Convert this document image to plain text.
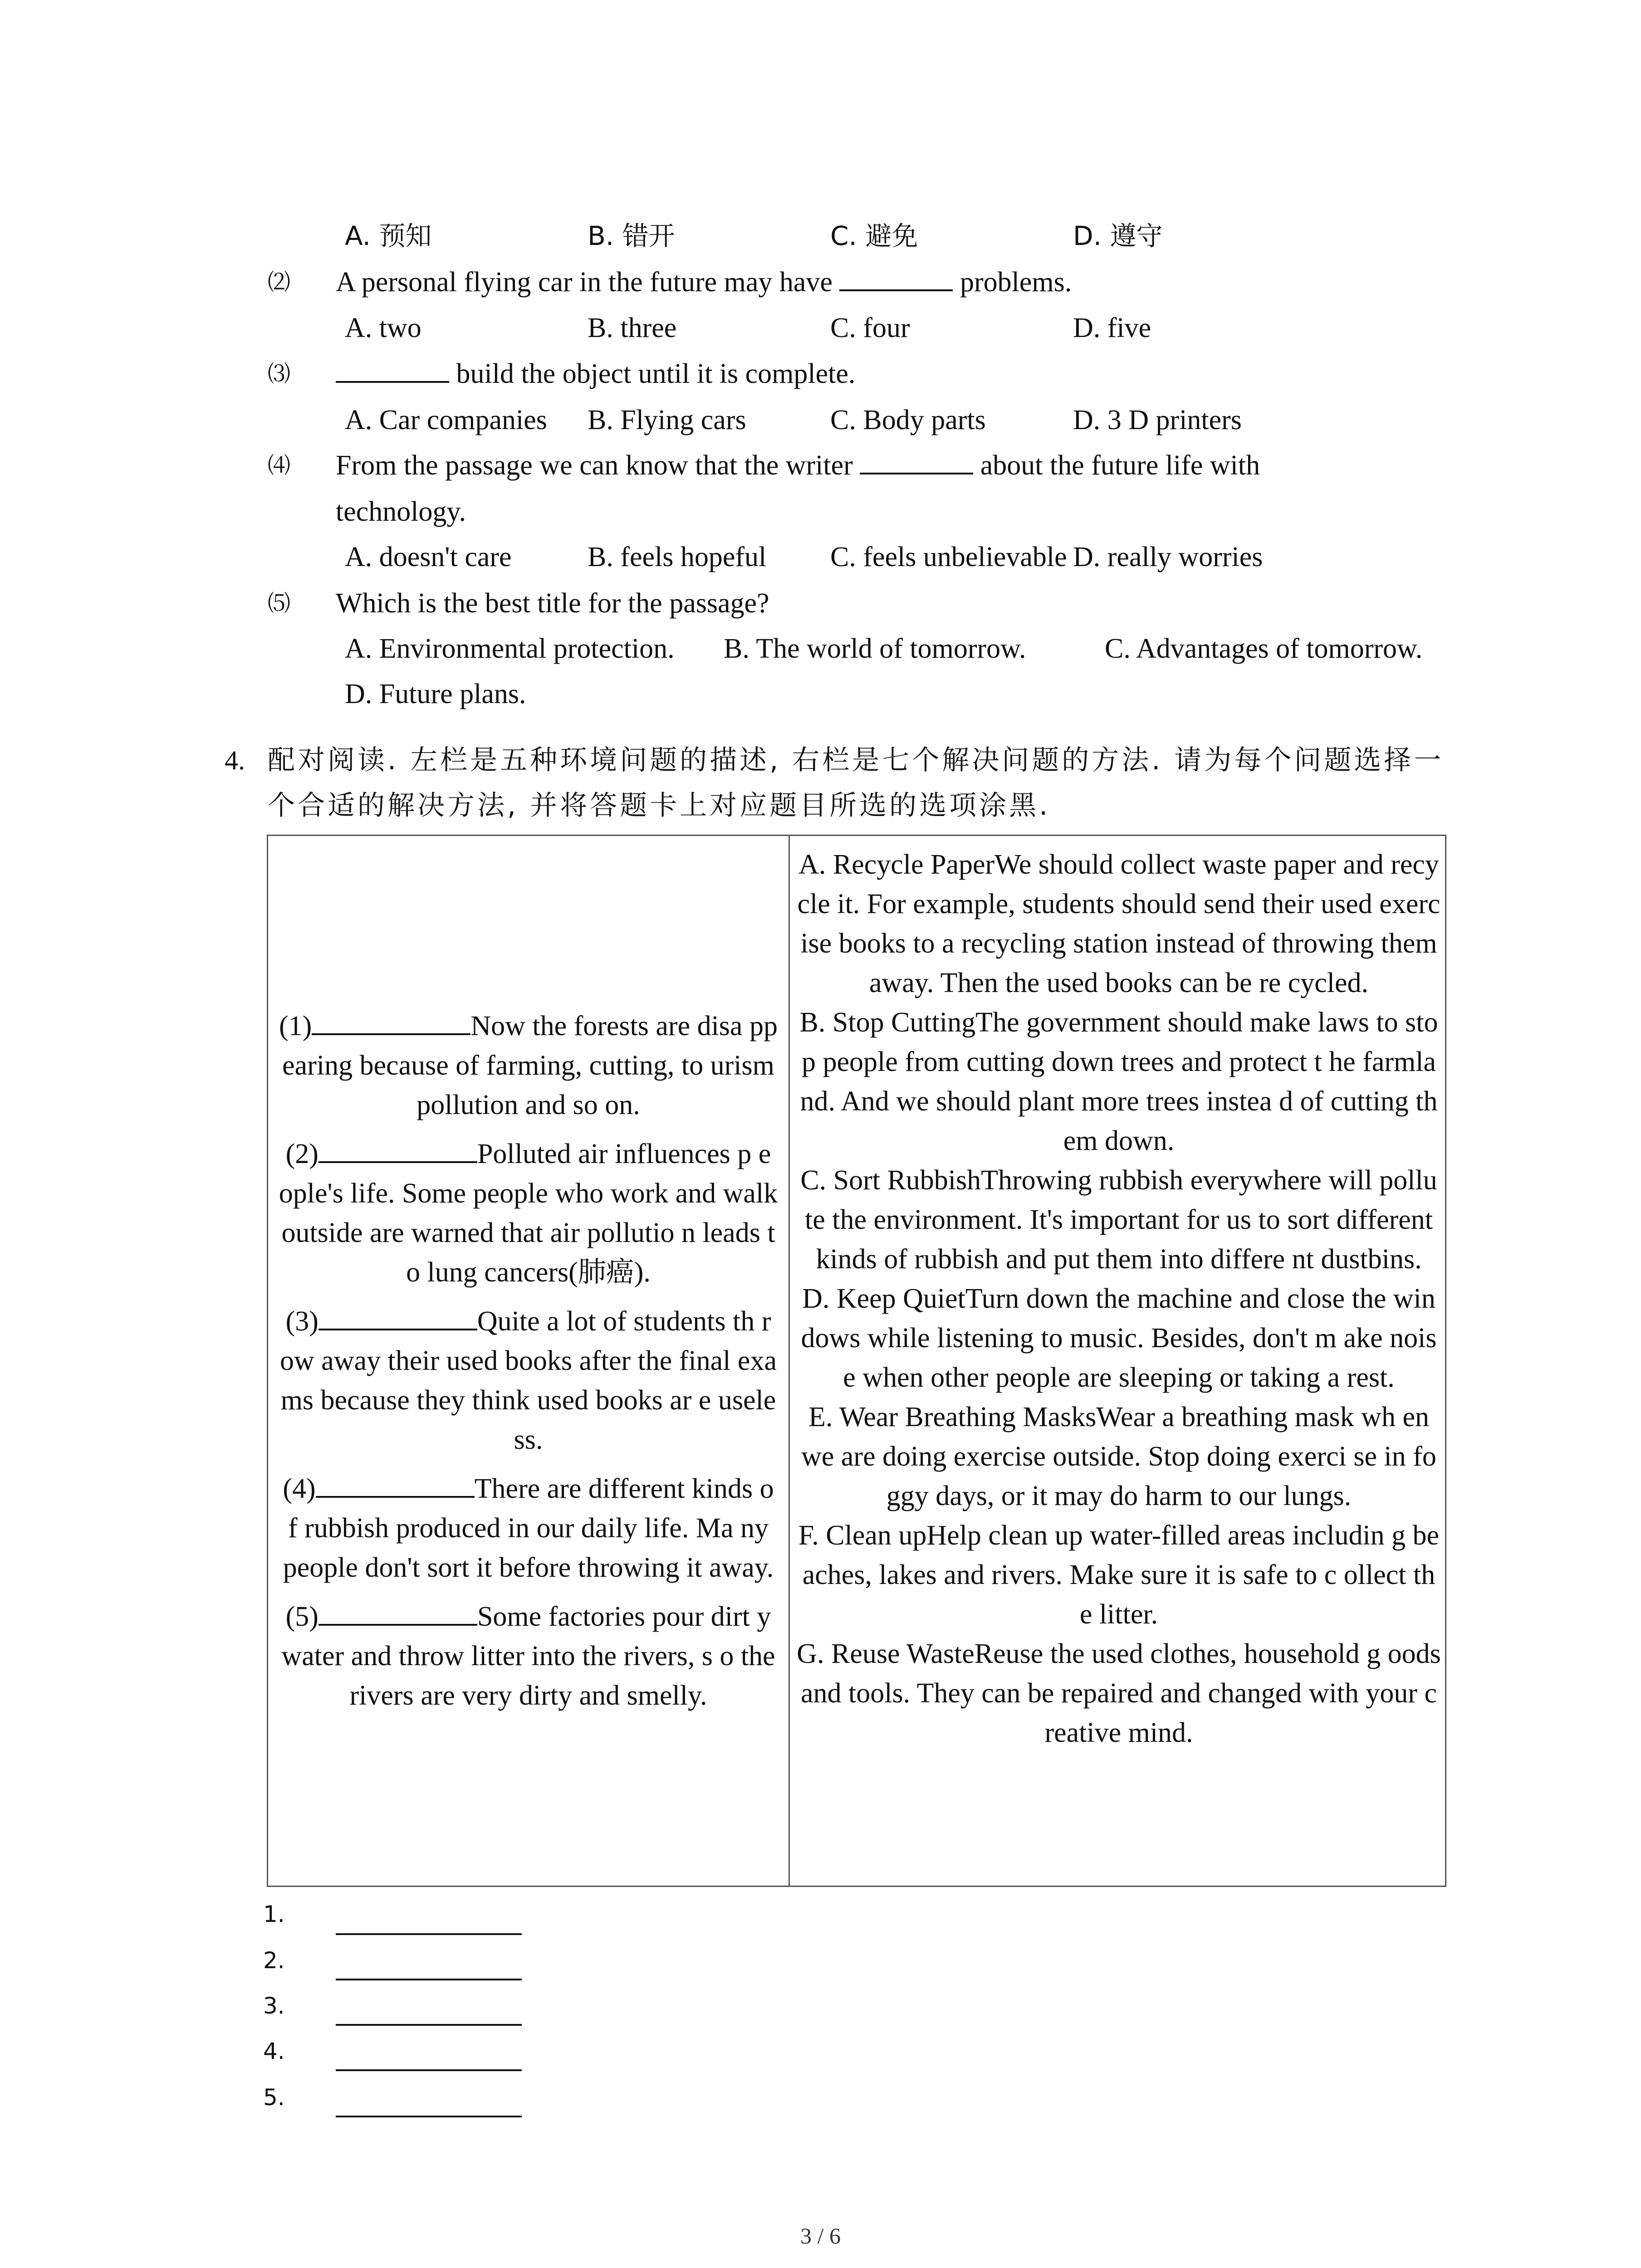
A. 预知	B. 错开	C. 避免	D. 遵守
⑵ A personal flying car in the future may have	problems.
A. two	B. three	C. four	D. five
⑶	build the object until it is complete.
A. Car companies B. Flying cars	C. Body parts	D. 3 D printers
⑷ From the passage we can know that the writer	about the future life with
technology.
A. doesn't care	B. feels hopeful C. feels unbelievable D. really worries
⑸ Which is the best title for the passage?
A. Environmental protection. B. The world of tomorrow.	C. Advantages of tomorrow.
D. Future plans.
4. 配对阅读. 左栏是五种环境问题的描述, 右栏是七个解决问题的方法. 请为每个问题选择一
个合适的解决方法, 并将答题卡上对应题目所选的选项涂黑.
(1)	Now the forests are disa ppearing because of farming, cutting, to urism pollution and so on.
(2)	Polluted air influences p eople's life. Some people who work and walk outside are warned that air pollutio n leads to lung cancers(肺癌).
(3)	Quite a lot of students th row away their used books after the final exams because they think used books ar e useless.
(4)	There are different kinds of rubbish produced in our daily life. Ma ny people don't sort it before throwing it away.
(5)	Some factories pour dirt y water and throw litter into the rivers, s o the rivers are very dirty and smelly.
A. Recycle PaperWe should collect waste paper and recycle it. For example, students should send their used exercise books to a recycling station instead of throwing them away. Then the used books can be re cycled.
B. Stop CuttingThe government should make laws to stop people from cutting down trees and protect t he farmland. And we should plant more trees instea d of cutting them down.
C. Sort RubbishThrowing rubbish everywhere will pollute the environment. It's important for us to sort different kinds of rubbish and put them into differe nt dustbins.
D. Keep QuietTurn down the machine and close the windows while listening to music. Besides, don't m ake noise when other people are sleeping or taking a rest.
E. Wear Breathing MasksWear a breathing mask wh en we are doing exercise outside. Stop doing exerci se in foggy days, or it may do harm to our lungs.
F. Clean upHelp clean up water-filled areas includin g beaches, lakes and rivers. Make sure it is safe to c ollect the litter.
G. Reuse WasteReuse the used clothes, household g oods and tools. They can be repaired and changed with your creative mind.
1.
2.
3.
4.
5.
3 / 6
